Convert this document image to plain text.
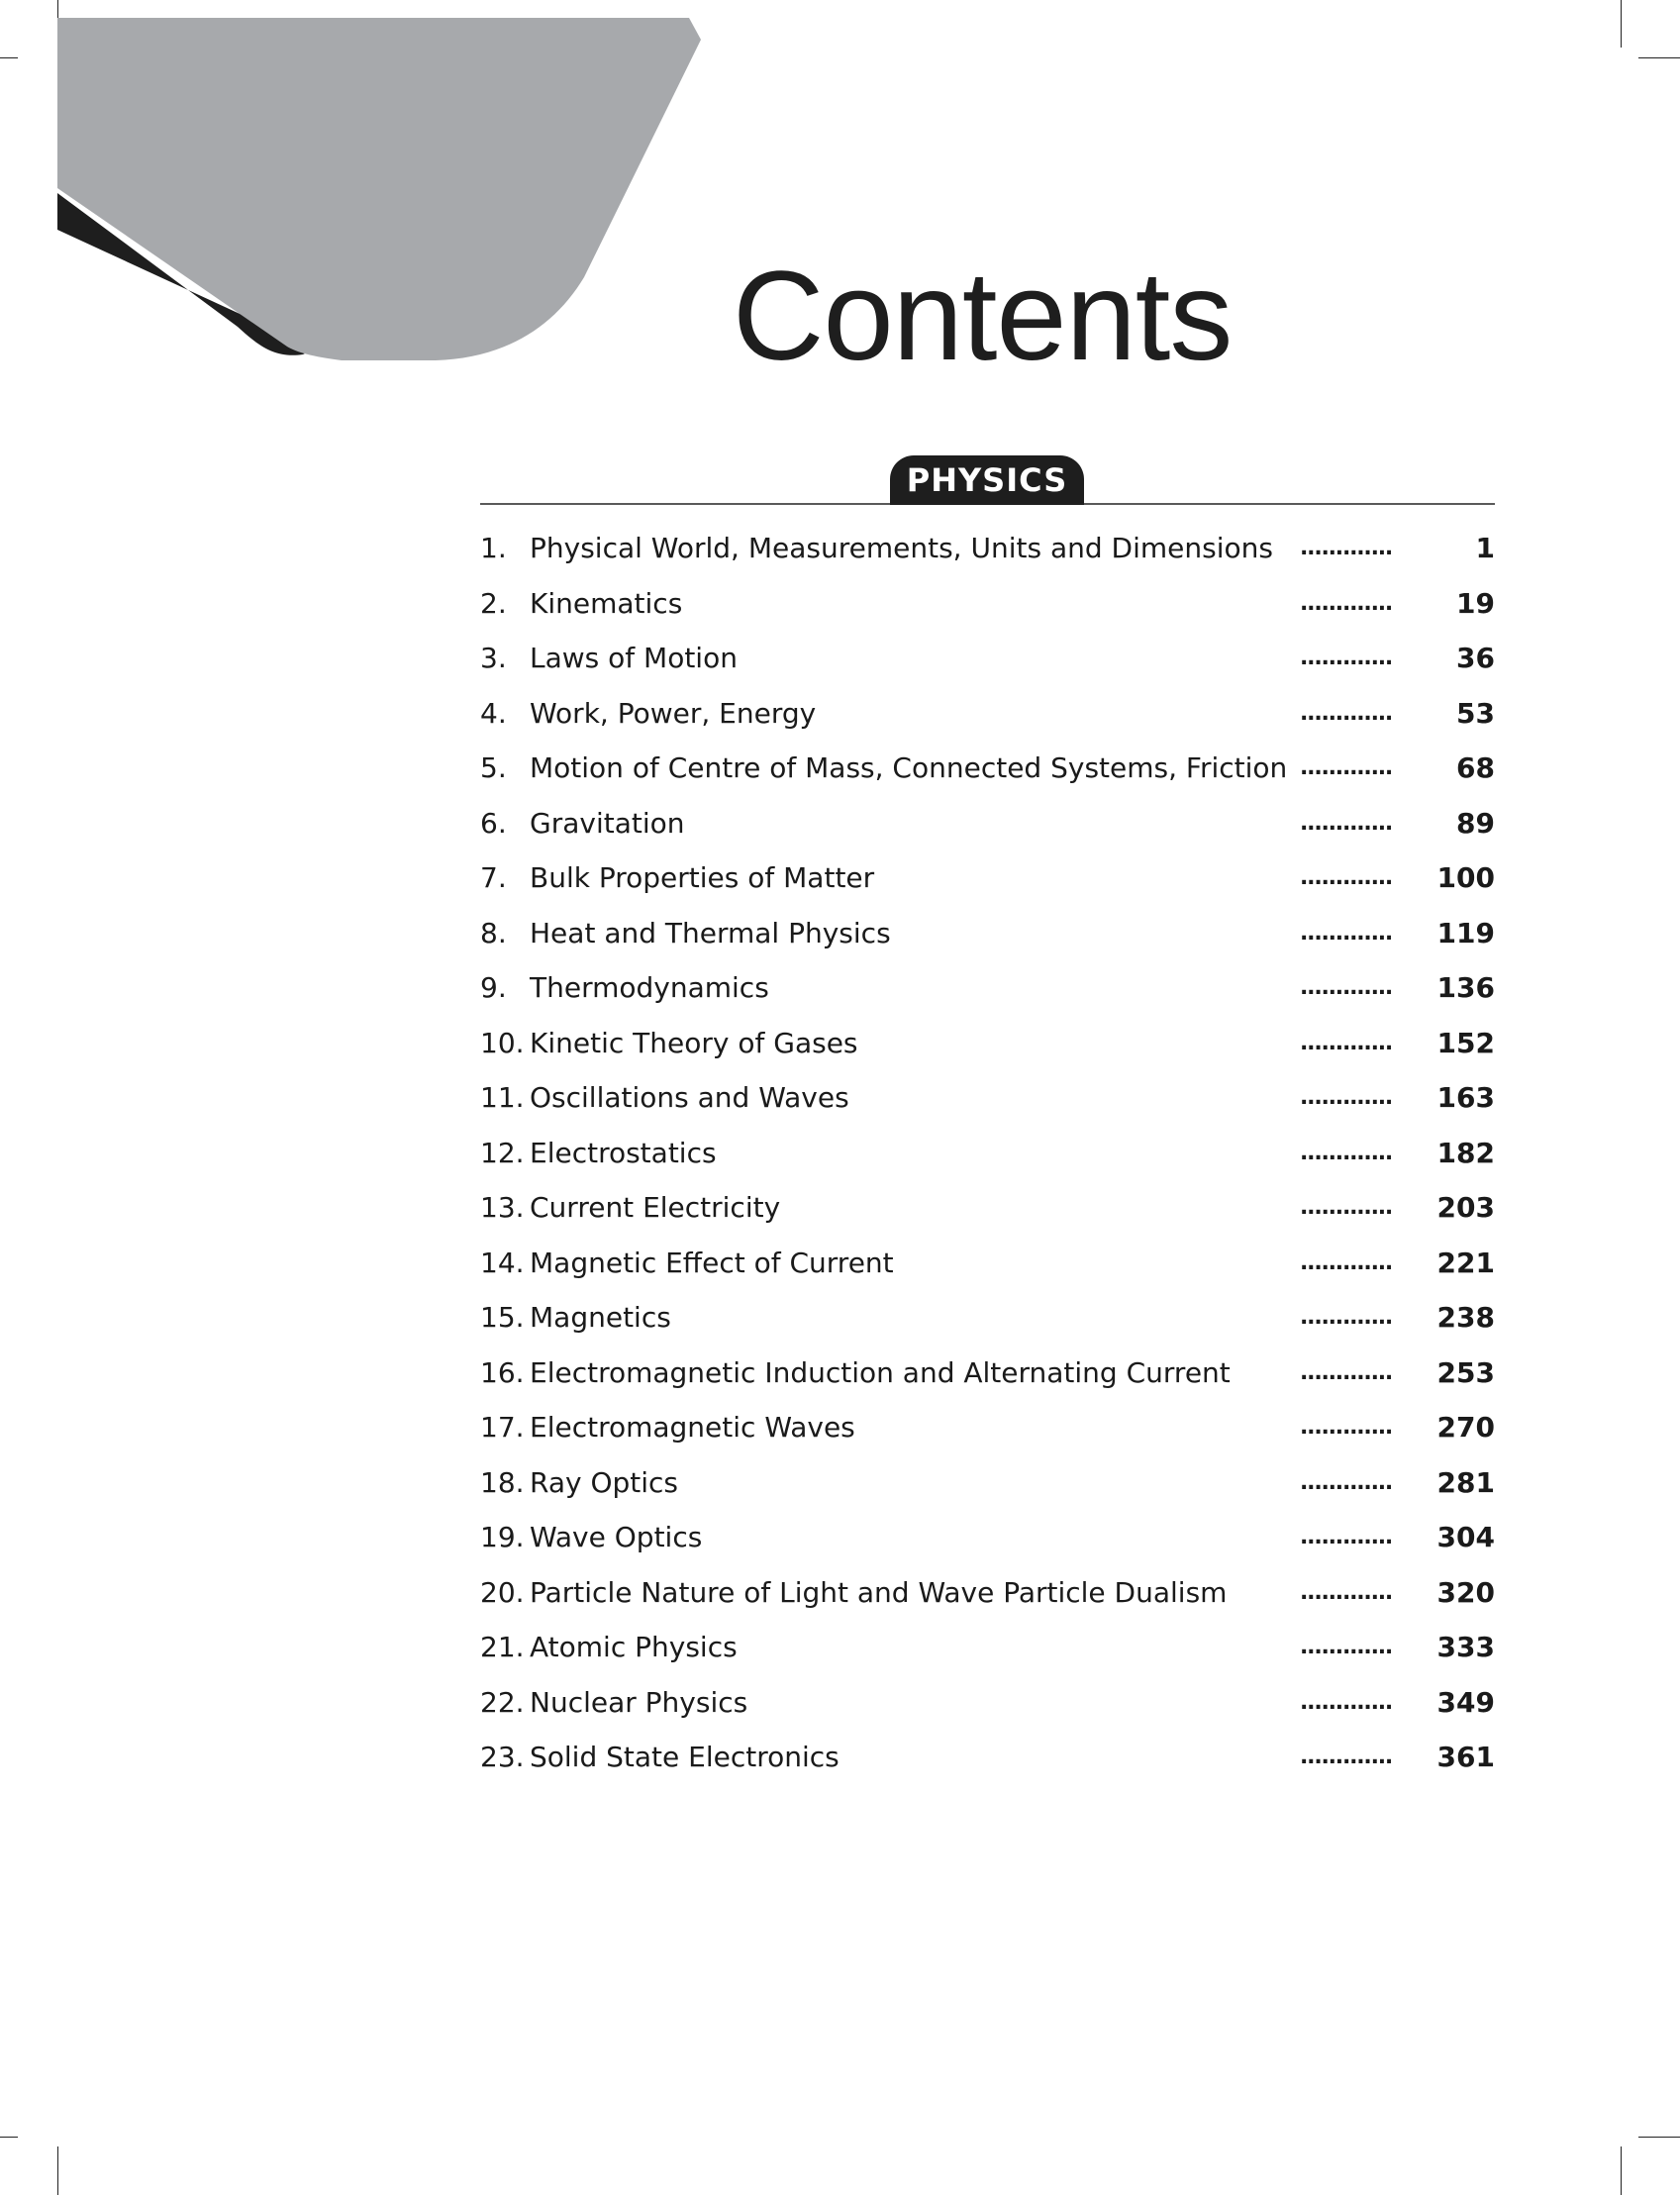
Contents
PHYSICS
1. Physical World, Measurements, Units and Dimensions .............	1
2. Kinematics	.............	19
3. Laws of Motion	.............	36
4. Work, Power, Energy	.............	53
5. Motion of Centre of Mass, Connected Systems, Friction .............	68
6. Gravitation	.............	89
7. Bulk Properties of Matter	.............	100
8. Heat and Thermal Physics	.............	119
9. Thermodynamics	.............	136
10. Kinetic Theory of Gases	.............	152
11. Oscillations and Waves	.............	163
12. Electrostatics	.............	182
13. Current Electricity	.............	203
14. Magnetic Effect of Current	.............	221
15. Magnetics	.............	238
16. Electromagnetic Induction and Alternating Current	.............	253
17. Electromagnetic Waves	.............	270
18. Ray Optics	.............	281
19. Wave Optics	.............	304
20. Particle Nature of Light and Wave Particle Dualism	.............	320
21. Atomic Physics	.............	333
22. Nuclear Physics	.............	349
23. Solid State Electronics	.............	361
